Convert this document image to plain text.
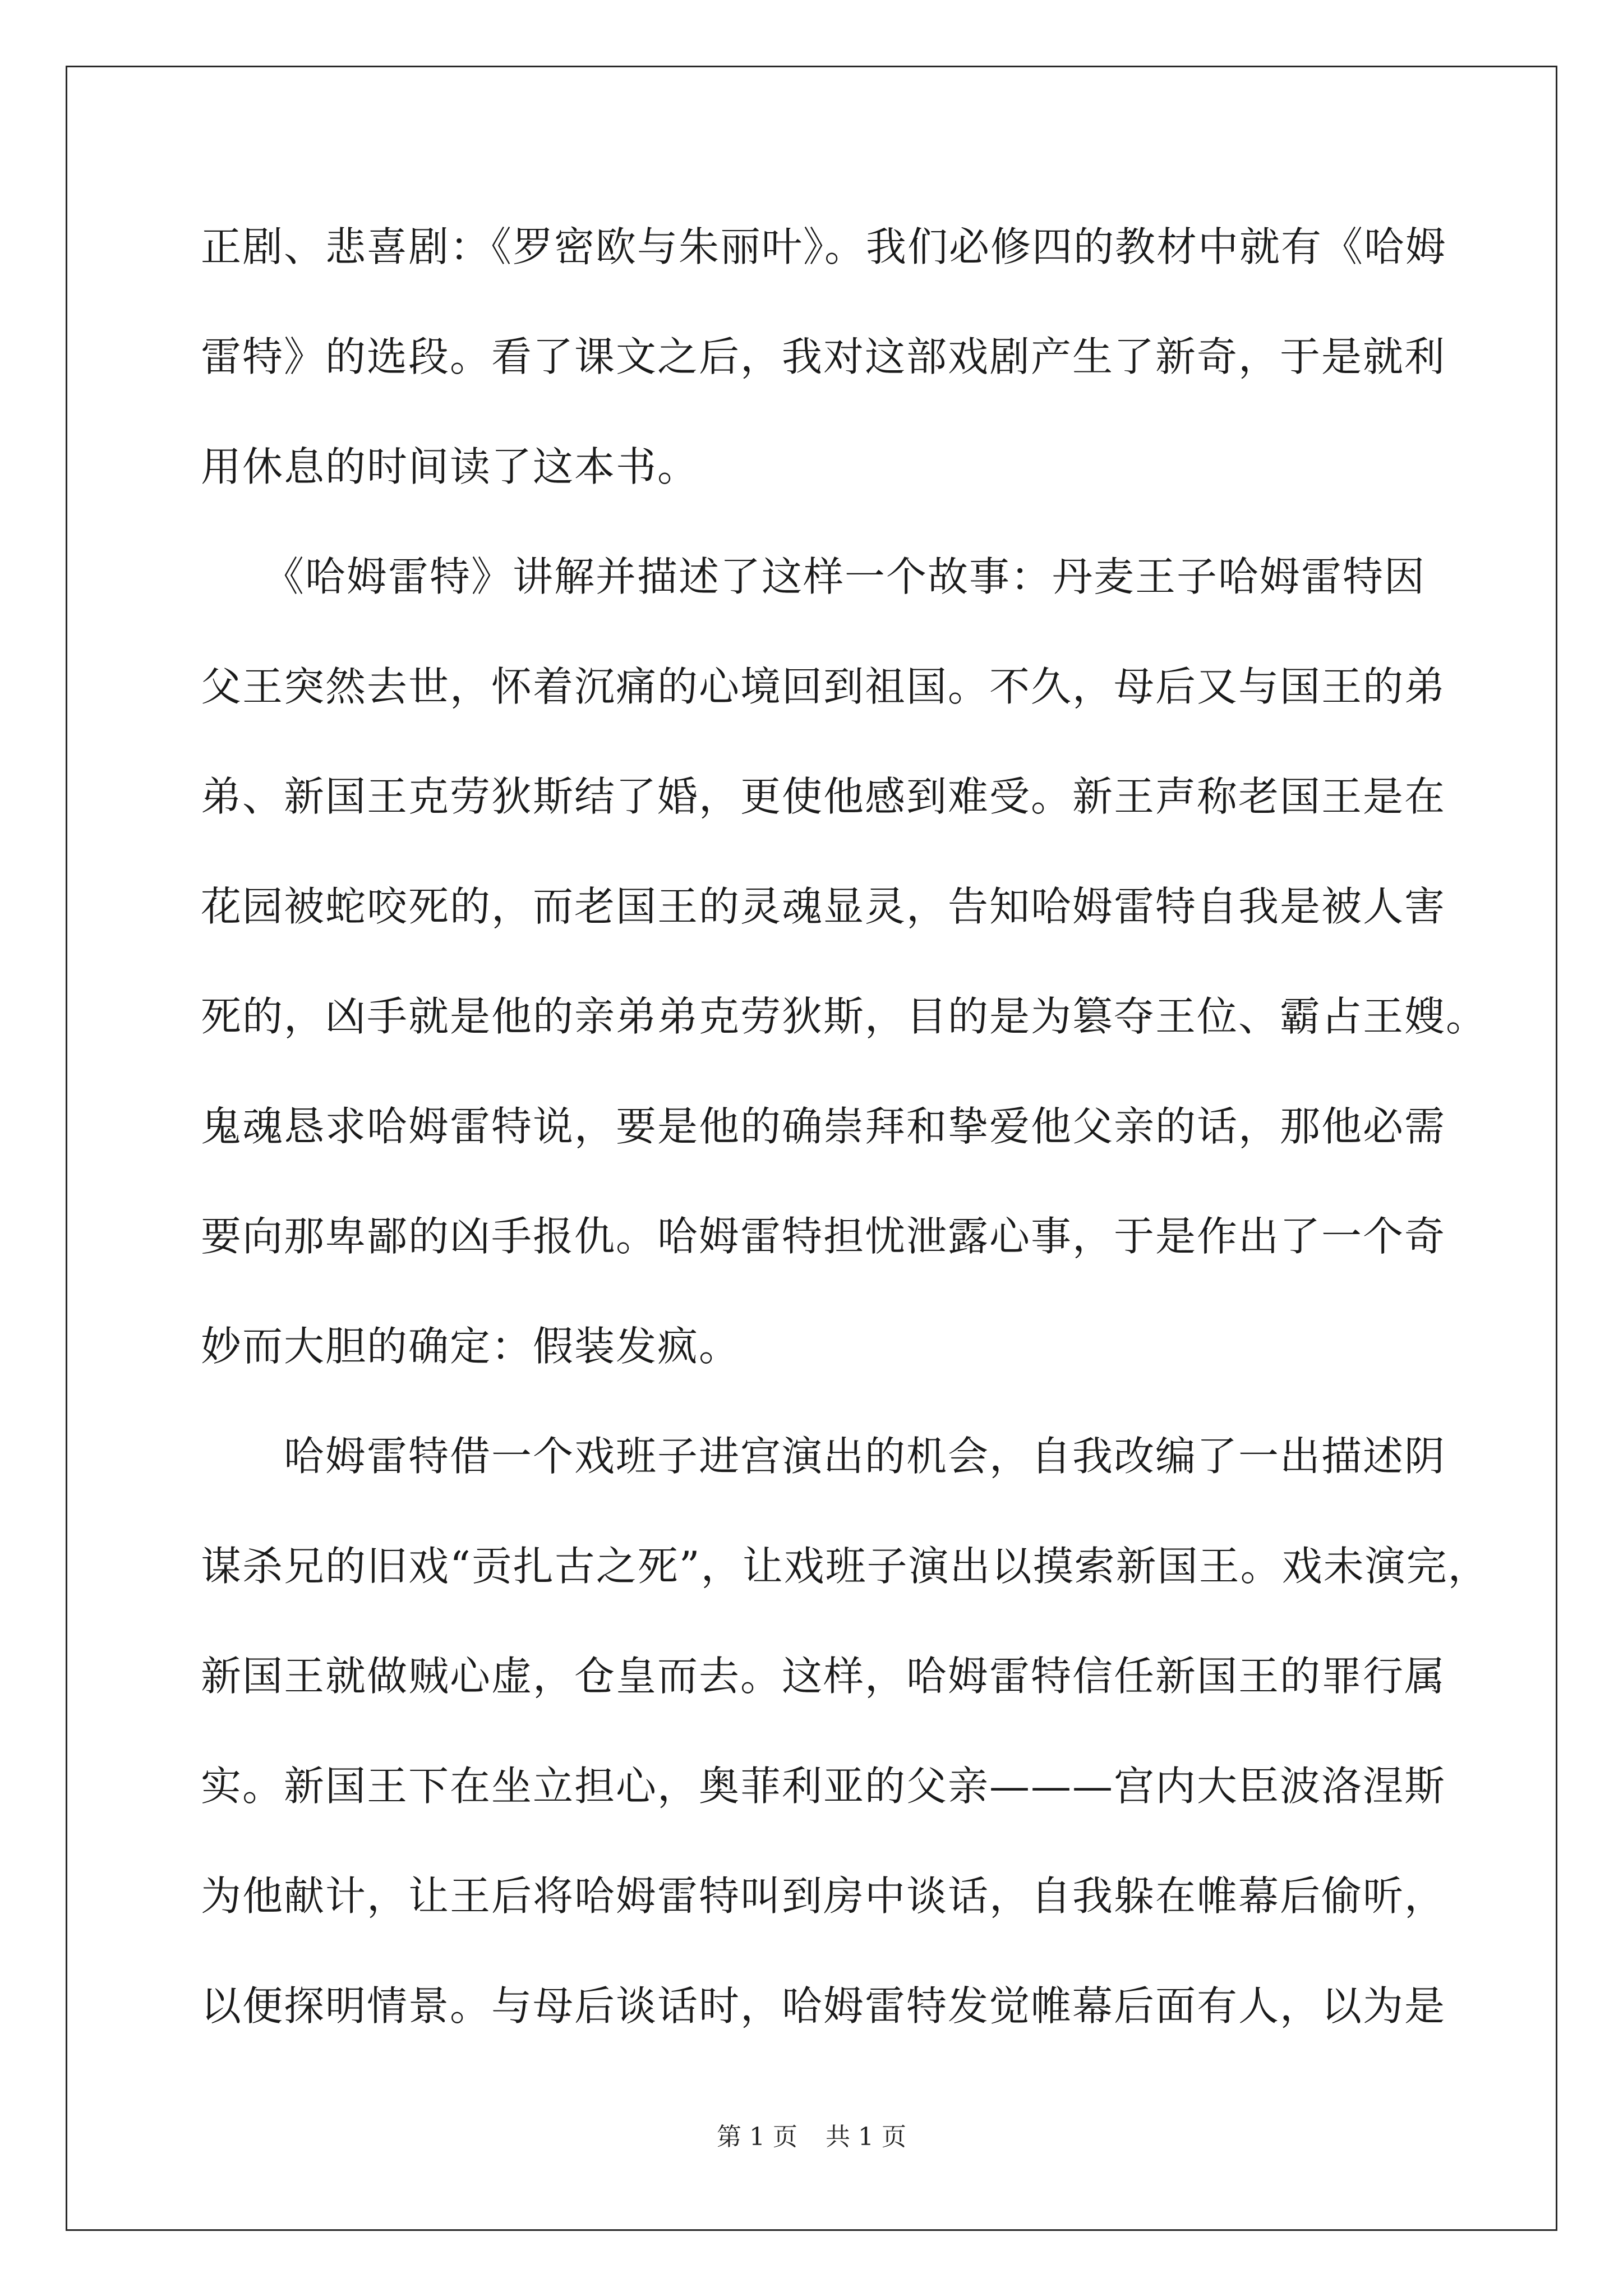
正剧、悲喜剧：《罗密欧与朱丽叶》。我们必修四的教材中就有《哈姆
雷特》的选段。看了课文之后，我对这部戏剧产生了新奇，于是就利
用休息的时间读了这本书。
　　《哈姆雷特》讲解并描述了这样一个故事：丹麦王子哈姆雷特因
父王突然去世，怀着沉痛的心境回到祖国。不久，母后又与国王的弟
弟、新国王克劳狄斯结了婚，更使他感到难受。新王声称老国王是在
花园被蛇咬死的，而老国王的灵魂显灵，告知哈姆雷特自我是被人害
死的，凶手就是他的亲弟弟克劳狄斯，目的是为篡夺王位、霸占王嫂。
鬼魂恳求哈姆雷特说，要是他的确崇拜和挚爱他父亲的话，那他必需
要向那卑鄙的凶手报仇。哈姆雷特担忧泄露心事，于是作出了一个奇
妙而大胆的确定：假装发疯。
　　哈姆雷特借一个戏班子进宫演出的机会，自我改编了一出描述阴
谋杀兄的旧戏“贡扎古之死”，让戏班子演出以摸索新国王。戏未演完，
新国王就做贼心虚，仓皇而去。这样，哈姆雷特信任新国王的罪行属
实。新国王下在坐立担心，奥菲利亚的父亲———宫内大臣波洛涅斯
为他献计，让王后将哈姆雷特叫到房中谈话，自我躲在帷幕后偷听，
以便探明情景。与母后谈话时，哈姆雷特发觉帷幕后面有人，以为是
第 1 页 共 1 页
